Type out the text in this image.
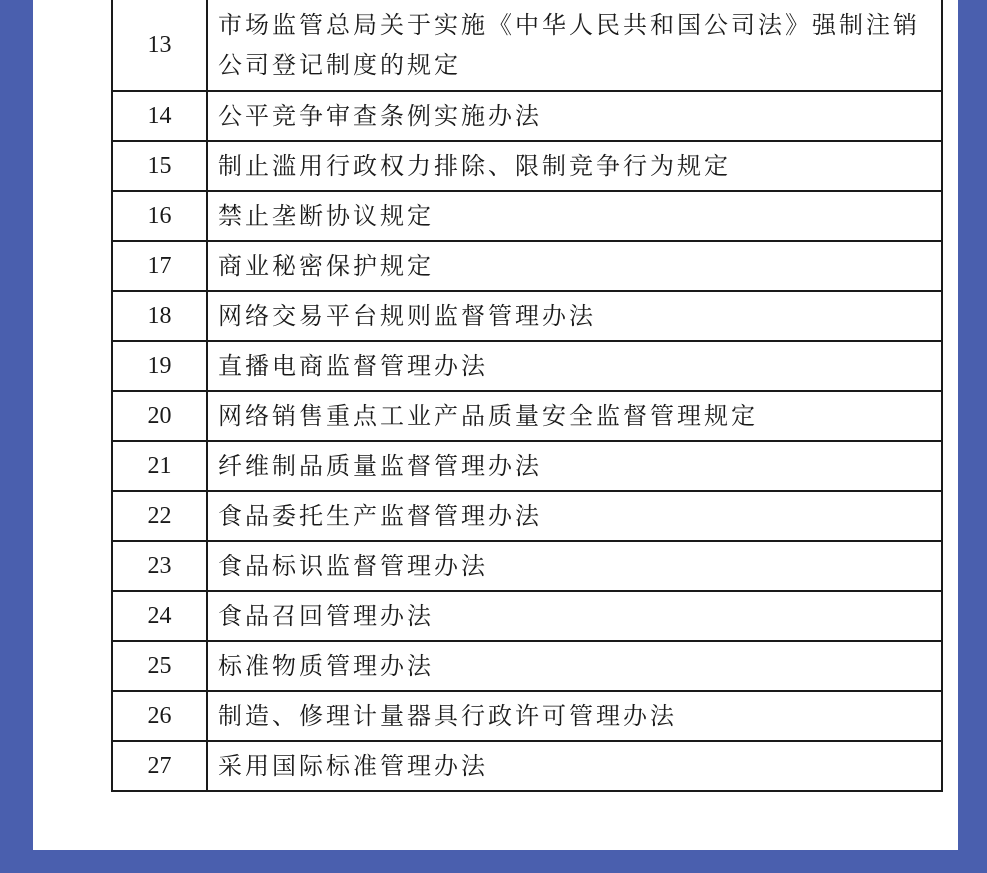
13	市场监管总局关于实施《中华人民共和国公司法》强制注销公司登记制度的规定
14	公平竞争审查条例实施办法
15	制止滥用行政权力排除、限制竞争行为规定
16	禁止垄断协议规定
17	商业秘密保护规定
18	网络交易平台规则监督管理办法
19	直播电商监督管理办法
20	网络销售重点工业产品质量安全监督管理规定
21	纤维制品质量监督管理办法
22	食品委托生产监督管理办法
23	食品标识监督管理办法
24	食品召回管理办法
25	标准物质管理办法
26	制造、修理计量器具行政许可管理办法
27	采用国际标准管理办法
